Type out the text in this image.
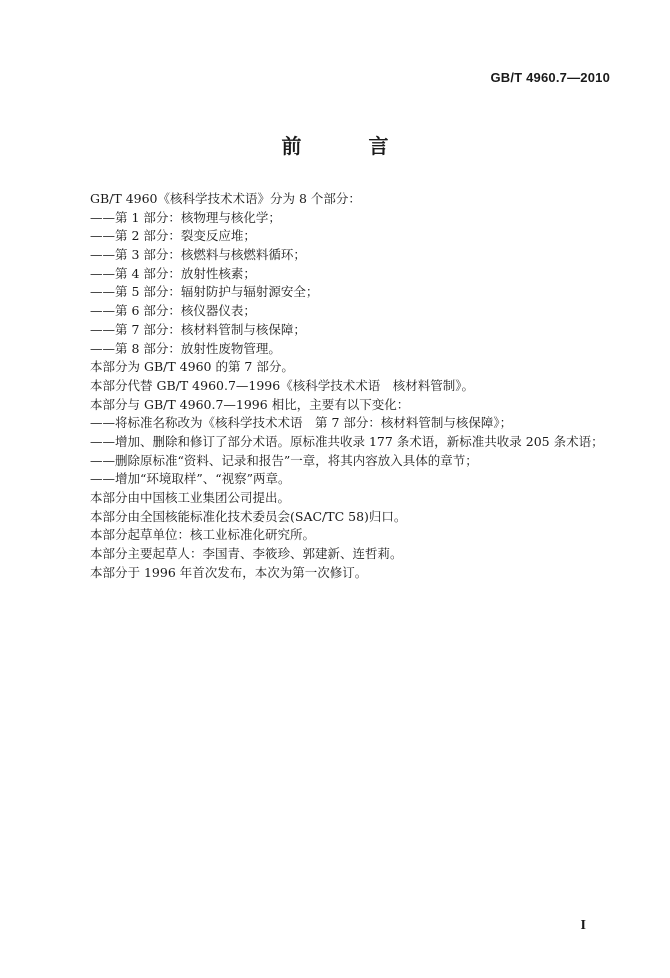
GB/T 4960.7—2010
前 言
GB/T 4960《核科学技术术语》分为 8 个部分：
——第 1 部分：核物理与核化学；
——第 2 部分：裂变反应堆；
——第 3 部分：核燃料与核燃料循环；
——第 4 部分：放射性核素；
——第 5 部分：辐射防护与辐射源安全；
——第 6 部分：核仪器仪表；
——第 7 部分：核材料管制与核保障；
——第 8 部分：放射性废物管理。
本部分为 GB/T 4960 的第 7 部分。
本部分代替 GB/T 4960.7—1996《核科学技术术语　核材料管制》。
本部分与 GB/T 4960.7—1996 相比，主要有以下变化：
——将标准名称改为《核科学技术术语　第 7 部分：核材料管制与核保障》；
——增加、删除和修订了部分术语。原标准共收录 177 条术语，新标准共收录 205 条术语；
——删除原标准“资料、记录和报告”一章，将其内容放入具体的章节；
——增加“环境取样”、“视察”两章。
本部分由中国核工业集团公司提出。
本部分由全国核能标准化技术委员会(SAC/TC 58)归口。
本部分起草单位：核工业标准化研究所。
本部分主要起草人：李国青、李筱珍、郭建新、连哲莉。
本部分于 1996 年首次发布，本次为第一次修订。
I
